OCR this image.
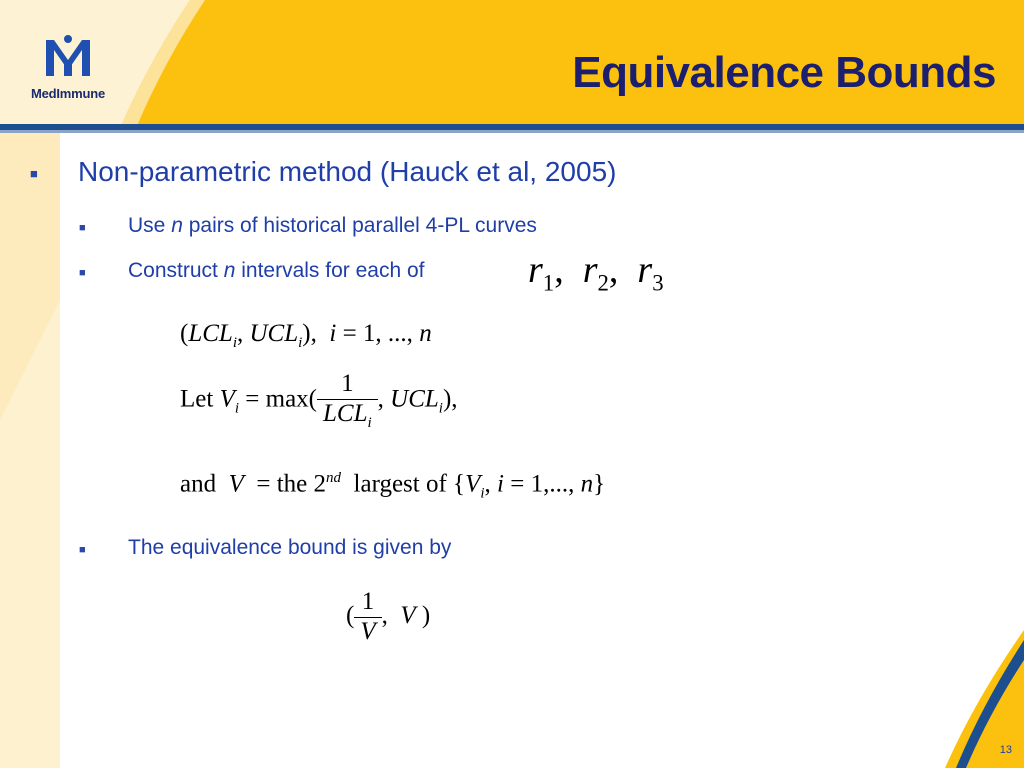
MedImmune	Equivalence Bounds
■ Non-parametric method (Hauck et al, 2005)
■ Use n pairs of historical parallel 4-PL curves
■ Construct n intervals for each of	$r_1$,  $r_2$,  $r_3$
($LCL_i$, $UCL_i$),  i = 1, ..., n
Let $V_i = \max( \frac{1}{LCL_i}$ , $UCL_i$),
and  V  = the 2nd  largest of {$V_i$, i = 1,..., n}
■ The equivalence bound is given by
( $\frac{1}{V}$ ,  V )
13
